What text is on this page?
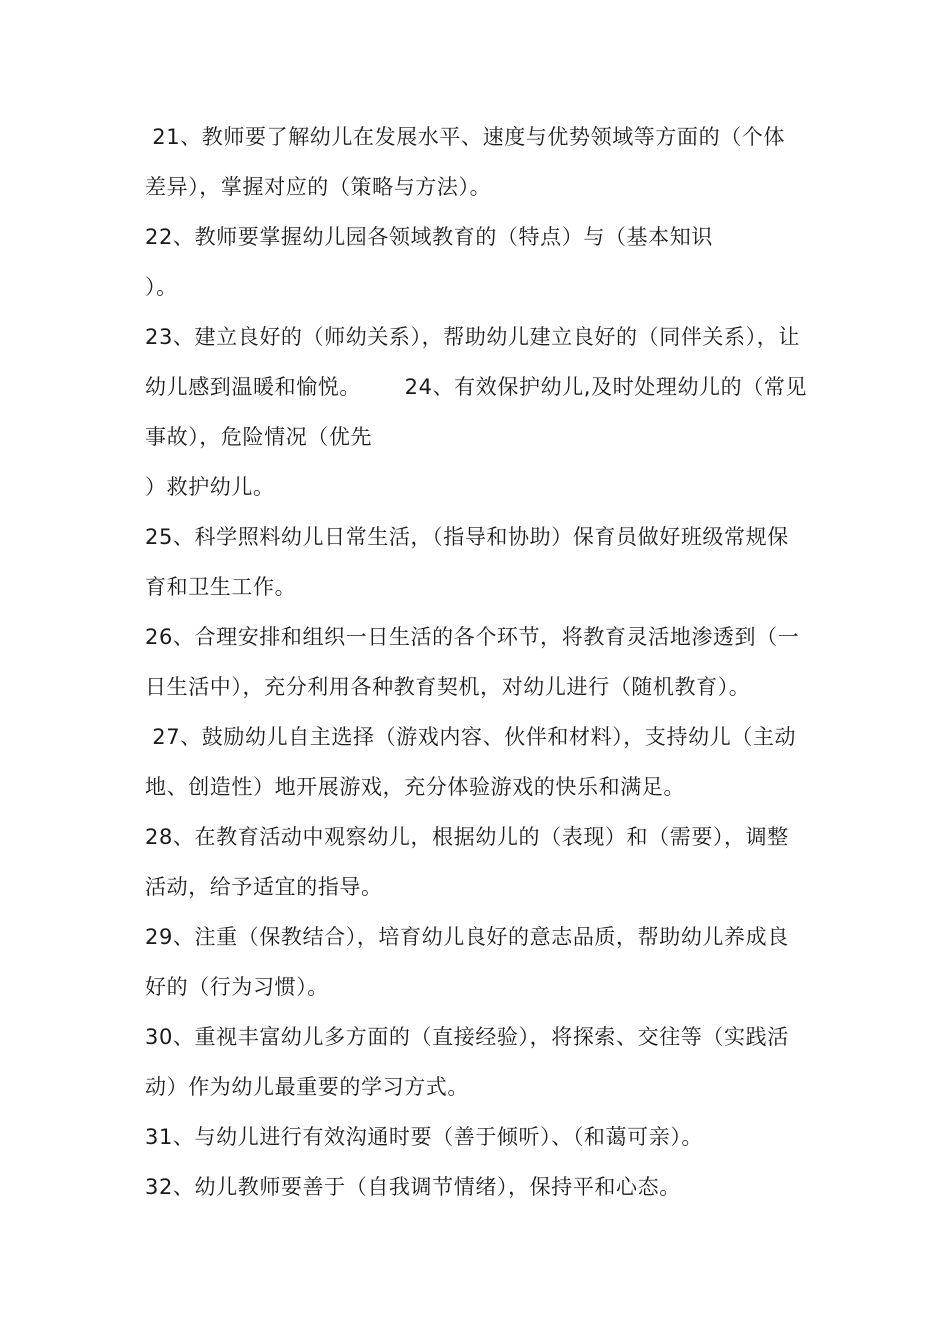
21、教师要了解幼儿在发展水平、速度与优势领域等方面的（个体
差异），掌握对应的（策略与方法）。
22、教师要掌握幼儿园各领域教育的（特点）与（基本知识
）。
23、建立良好的（师幼关系），帮助幼儿建立良好的（同伴关系），让
幼儿感到温暖和愉悦。      24、有效保护幼儿,及时处理幼儿的（常见
事故），危险情况（优先
）救护幼儿。
25、科学照料幼儿日常生活，（指导和协助）保育员做好班级常规保
育和卫生工作。
26、合理安排和组织一日生活的各个环节，将教育灵活地渗透到（一
日生活中），充分利用各种教育契机，对幼儿进行（随机教育）。
27、鼓励幼儿自主选择（游戏内容、伙伴和材料），支持幼儿（主动
地、创造性）地开展游戏，充分体验游戏的快乐和满足。
28、在教育活动中观察幼儿，根据幼儿的（表现）和（需要），调整
活动，给予适宜的指导。
29、注重（保教结合），培育幼儿良好的意志品质，帮助幼儿养成良
好的（行为习惯）。
30、重视丰富幼儿多方面的（直接经验），将探索、交往等（实践活
动）作为幼儿最重要的学习方式。
31、与幼儿进行有效沟通时要（善于倾听）、（和蔼可亲）。
32、幼儿教师要善于（自我调节情绪），保持平和心态。
